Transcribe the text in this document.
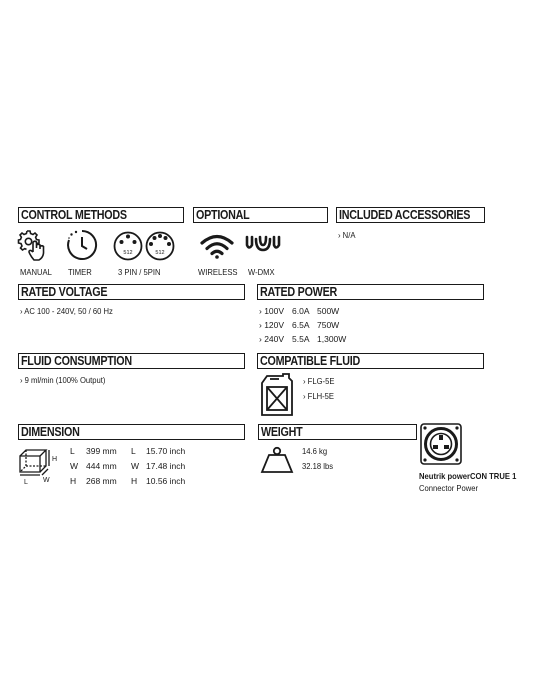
CONTROL METHODS	OPTIONAL	INCLUDED ACCESSORIES
RATED VOLTAGE	RATED POWER
FLUID CONSUMPTION	COMPATIBLE FLUID
DIMENSION	WEIGHT
512	512
MANUAL	TIMER	3 PIN / 5PIN	WIRELESS	W-DMX
› N/A
› AC 100 - 240V, 50 / 60 Hz	› 100V 6.0A 500W
› 120V 6.5A 750W
› 240V 5.5A 1,300W
› 9 ml/min (100% Output)	› FLG-5E
› FLH-5E
H
L W
L 399 mm L 15.70 inch
W 444 mm W 17.48 inch
H 268 mm H 10.56 inch
14.6 kg
32.18 lbs
Neutrik powerCON TRUE 1
Connector Power
